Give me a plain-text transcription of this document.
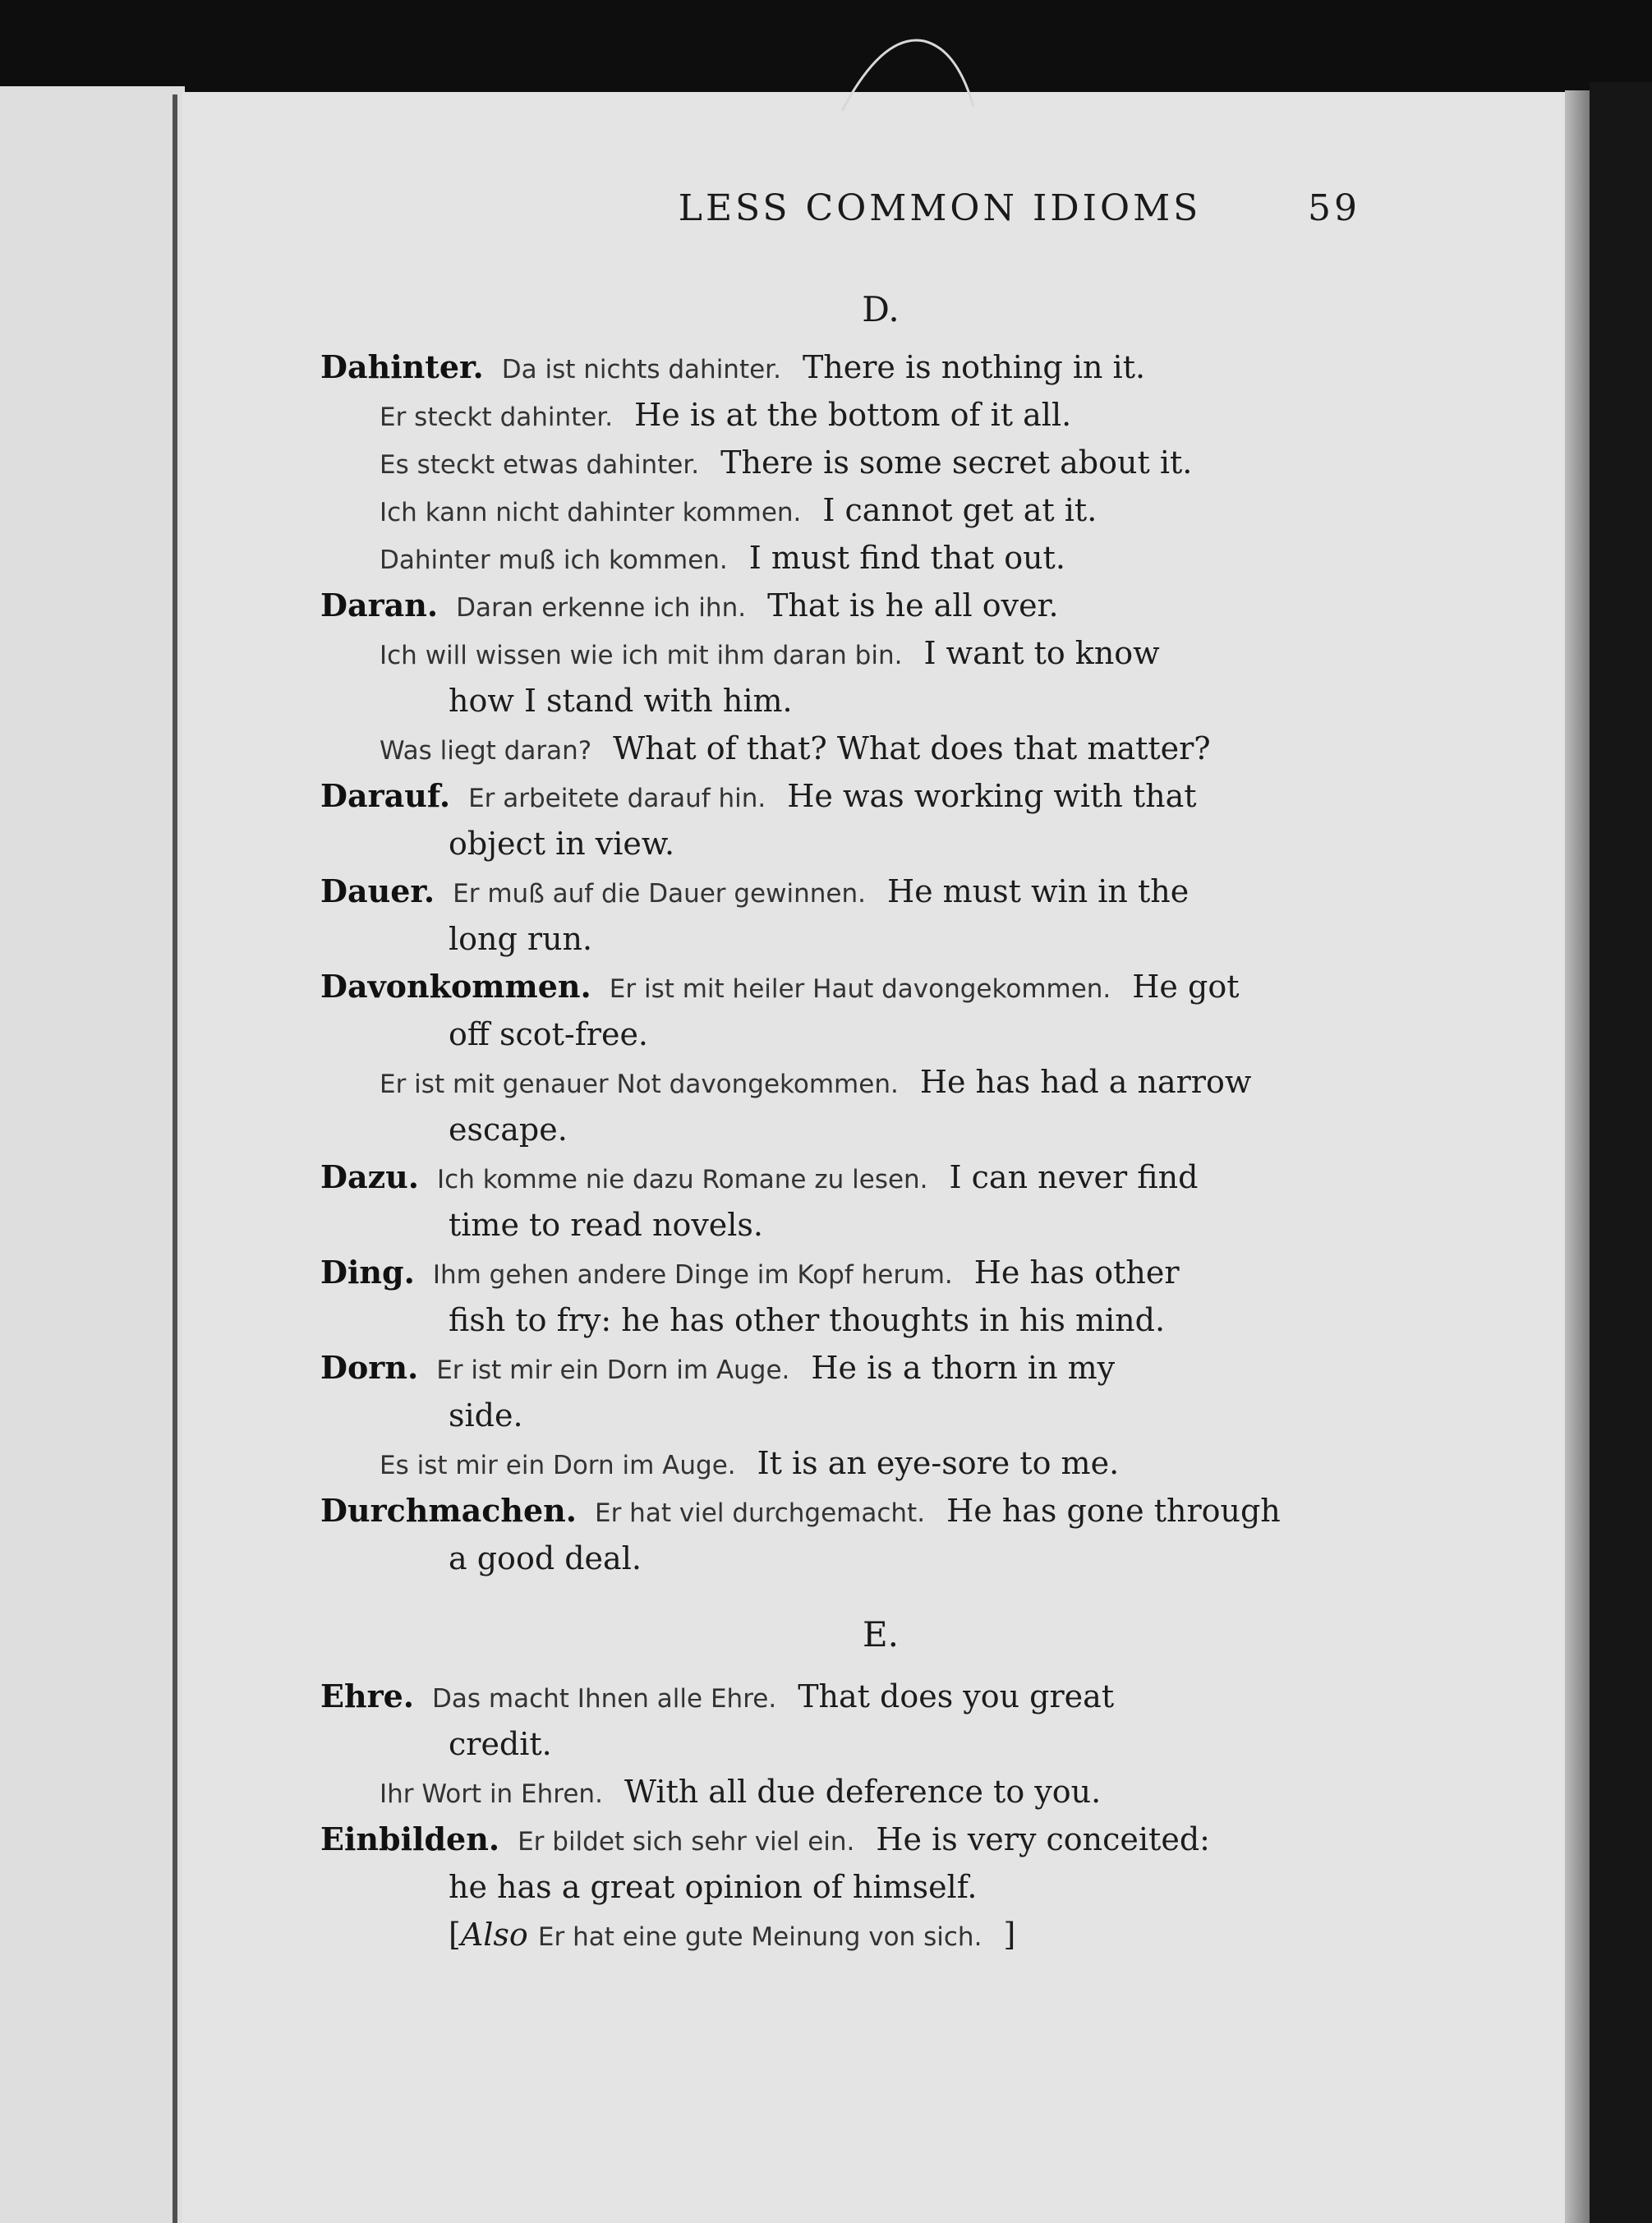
LESS COMMON IDIOMS	59
D.
E.
Dahinter. Da ist nichts dahinter. There is nothing in it.
Er steckt dahinter. He is at the bottom of it all.
Es steckt etwas dahinter. There is some secret about it.
Ich kann nicht dahinter kommen. I cannot get at it.
Dahinter muß ich kommen. I must find that out.
Daran. Daran erkenne ich ihn. That is he all over.
Ich will wissen wie ich mit ihm daran bin. I want to know
how I stand with him.
Was liegt daran? What of that? What does that matter?
Darauf. Er arbeitete darauf hin. He was working with that
object in view.
Dauer. Er muß auf die Dauer gewinnen. He must win in the
long run.
Davonkommen. Er ist mit heiler Haut davongekommen. He got
off scot-free.
Er ist mit genauer Not davongekommen. He has had a narrow
escape.
Dazu. Ich komme nie dazu Romane zu lesen. I can never find
time to read novels.
Ding. Ihm gehen andere Dinge im Kopf herum. He has other
fish to fry: he has other thoughts in his mind.
Dorn. Er ist mir ein Dorn im Auge. He is a thorn in my
side.
Es ist mir ein Dorn im Auge. It is an eye-sore to me.
Durchmachen. Er hat viel durchgemacht. He has gone through
a good deal.
Ehre. Das macht Ihnen alle Ehre. That does you great
credit.
Ihr Wort in Ehren. With all due deference to you.
Einbilden. Er bildet sich sehr viel ein. He is very conceited:
he has a great opinion of himself.
[Also Er hat eine gute Meinung von sich. ]
